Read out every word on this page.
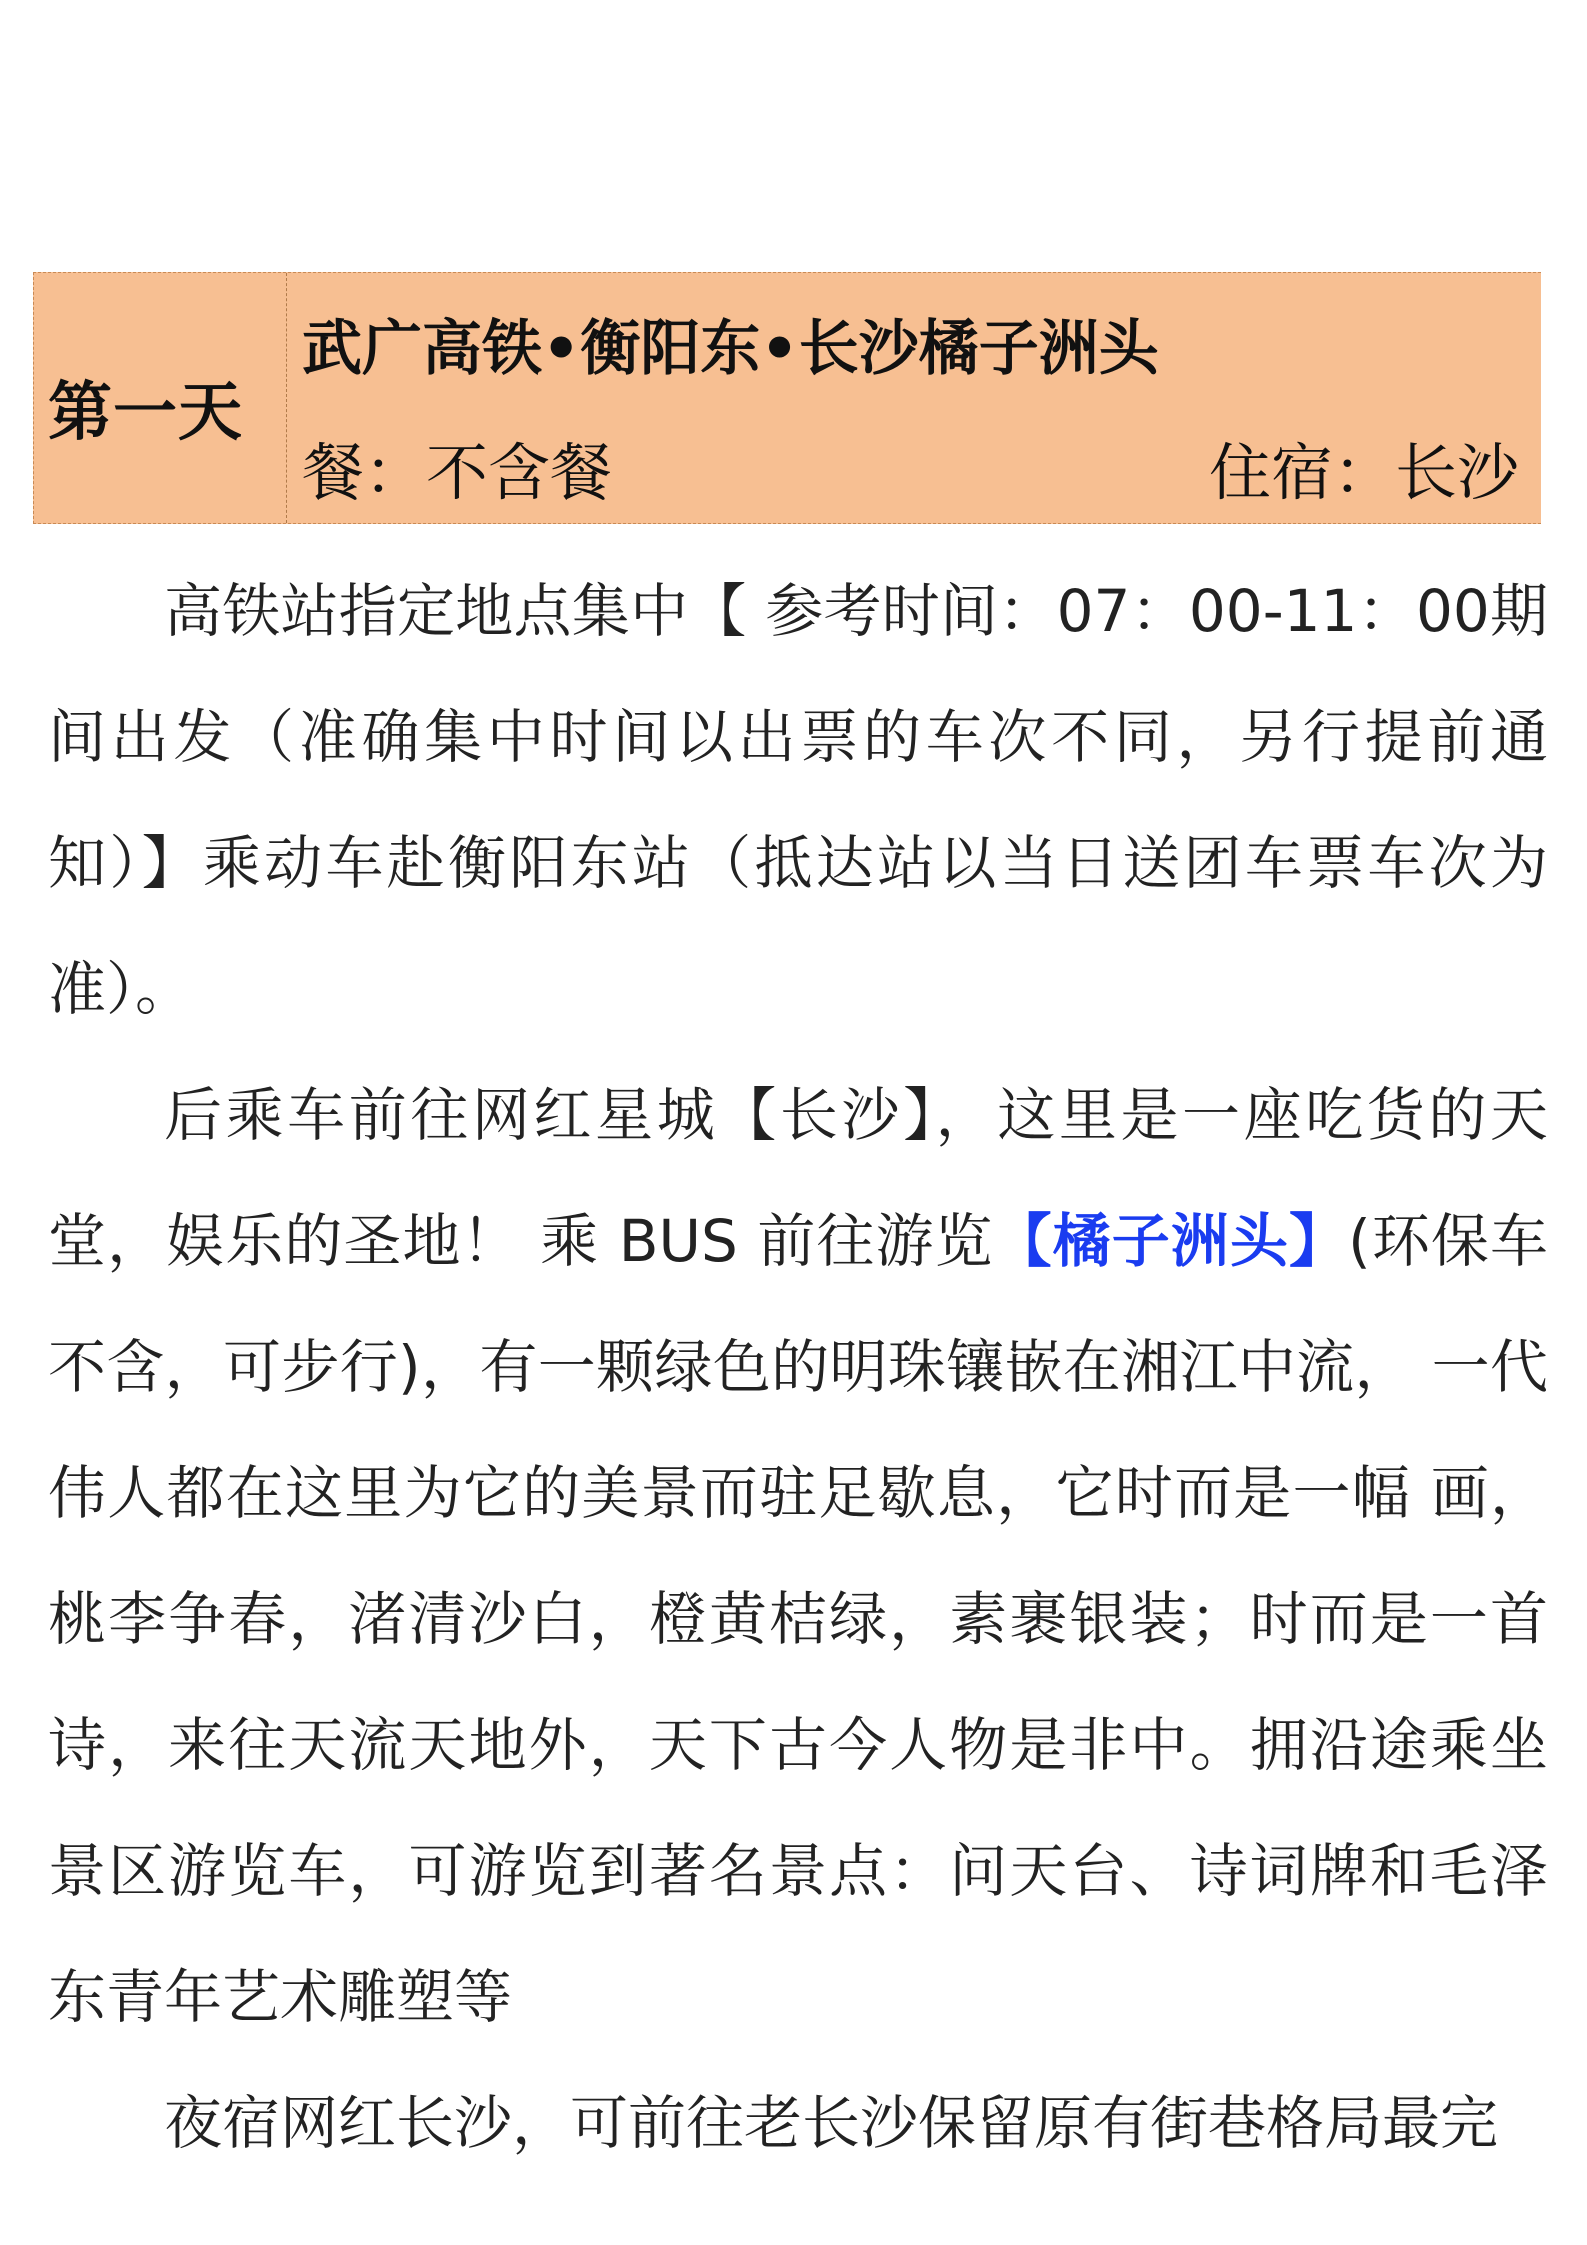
第一天
武广高铁•衡阳东•长沙橘子洲头
餐：不含餐	住宿：长沙

高铁站指定地点集中【 参考时间：07：00-11：00期间出发（准确集中时间以出票的车次不同，另行提前通知）】乘动车赴衡阳东站（抵达站以当日送团车票车次为准）。

后乘车前往网红星城【长沙】，这里是一座吃货的天堂，娱乐的圣地！ 乘 BUS 前往游览【橘子洲头】(环保车不含，可步行)，有一颗绿色的明珠镶嵌在湘江中流， 一代伟人都在这里为它的美景而驻足歇息，它时而是一幅 画，桃李争春，渚清沙白，橙黄桔绿，素裹银装；时而是一首诗，来往天流天地外，天下古今人物是非中。拥沿途乘坐景区游览车，可游览到著名景点：问天台、诗词牌和毛泽东青年艺术雕塑等

夜宿网红长沙，可前往老长沙保留原有街巷格局最完
